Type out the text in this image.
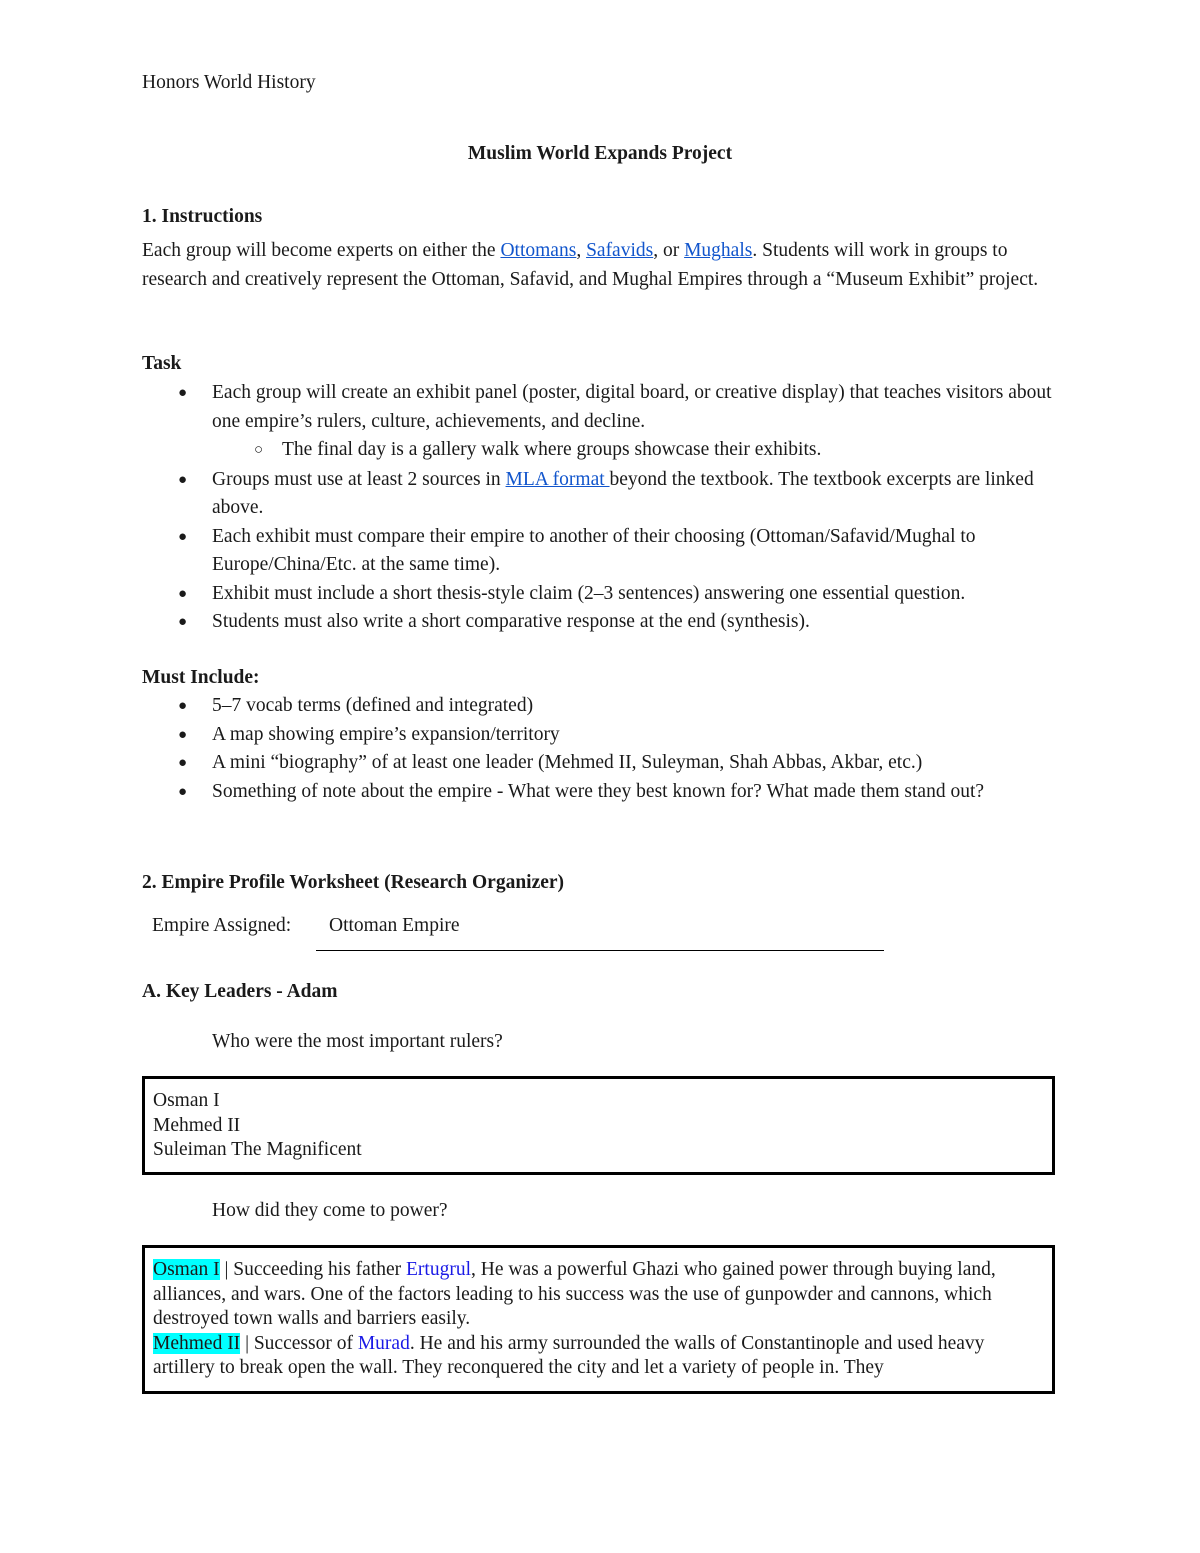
Honors World History
Muslim World Expands Project
1. Instructions
Each group will become experts on either the Ottomans, Safavids, or Mughals. Students will work in groups to research and creatively represent the Ottoman, Safavid, and Mughal Empires through a “Museum Exhibit” project.
Task
● Each group will create an exhibit panel (poster, digital board, or creative display) that teaches visitors about one empire’s rulers, culture, achievements, and decline.
○ The final day is a gallery walk where groups showcase their exhibits.
● Groups must use at least 2 sources in MLA format beyond the textbook. The textbook excerpts are linked above.
● Each exhibit must compare their empire to another of their choosing (Ottoman/Safavid/Mughal to Europe/China/Etc. at the same time).
● Exhibit must include a short thesis-style claim (2–3 sentences) answering one essential question.
● Students must also write a short comparative response at the end (synthesis).
Must Include:
● 5–7 vocab terms (defined and integrated)
● A map showing empire’s expansion/territory
● A mini “biography” of at least one leader (Mehmed II, Suleyman, Shah Abbas, Akbar, etc.)
● Something of note about the empire - What were they best known for? What made them stand out?
2. Empire Profile Worksheet (Research Organizer)
Empire Assigned: Ottoman Empire
A. Key Leaders - Adam
Who were the most important rulers?
Osman I
Mehmed II
Suleiman The Magnificent
How did they come to power?
Osman I | Succeeding his father Ertugrul, He was a powerful Ghazi who gained power through buying land, alliances, and wars. One of the factors leading to his success was the use of gunpowder and cannons, which destroyed town walls and barriers easily.
Mehmed II | Successor of Murad. He and his army surrounded the walls of Constantinople and used heavy artillery to break open the wall. They reconquered the city and let a variety of people in. They
